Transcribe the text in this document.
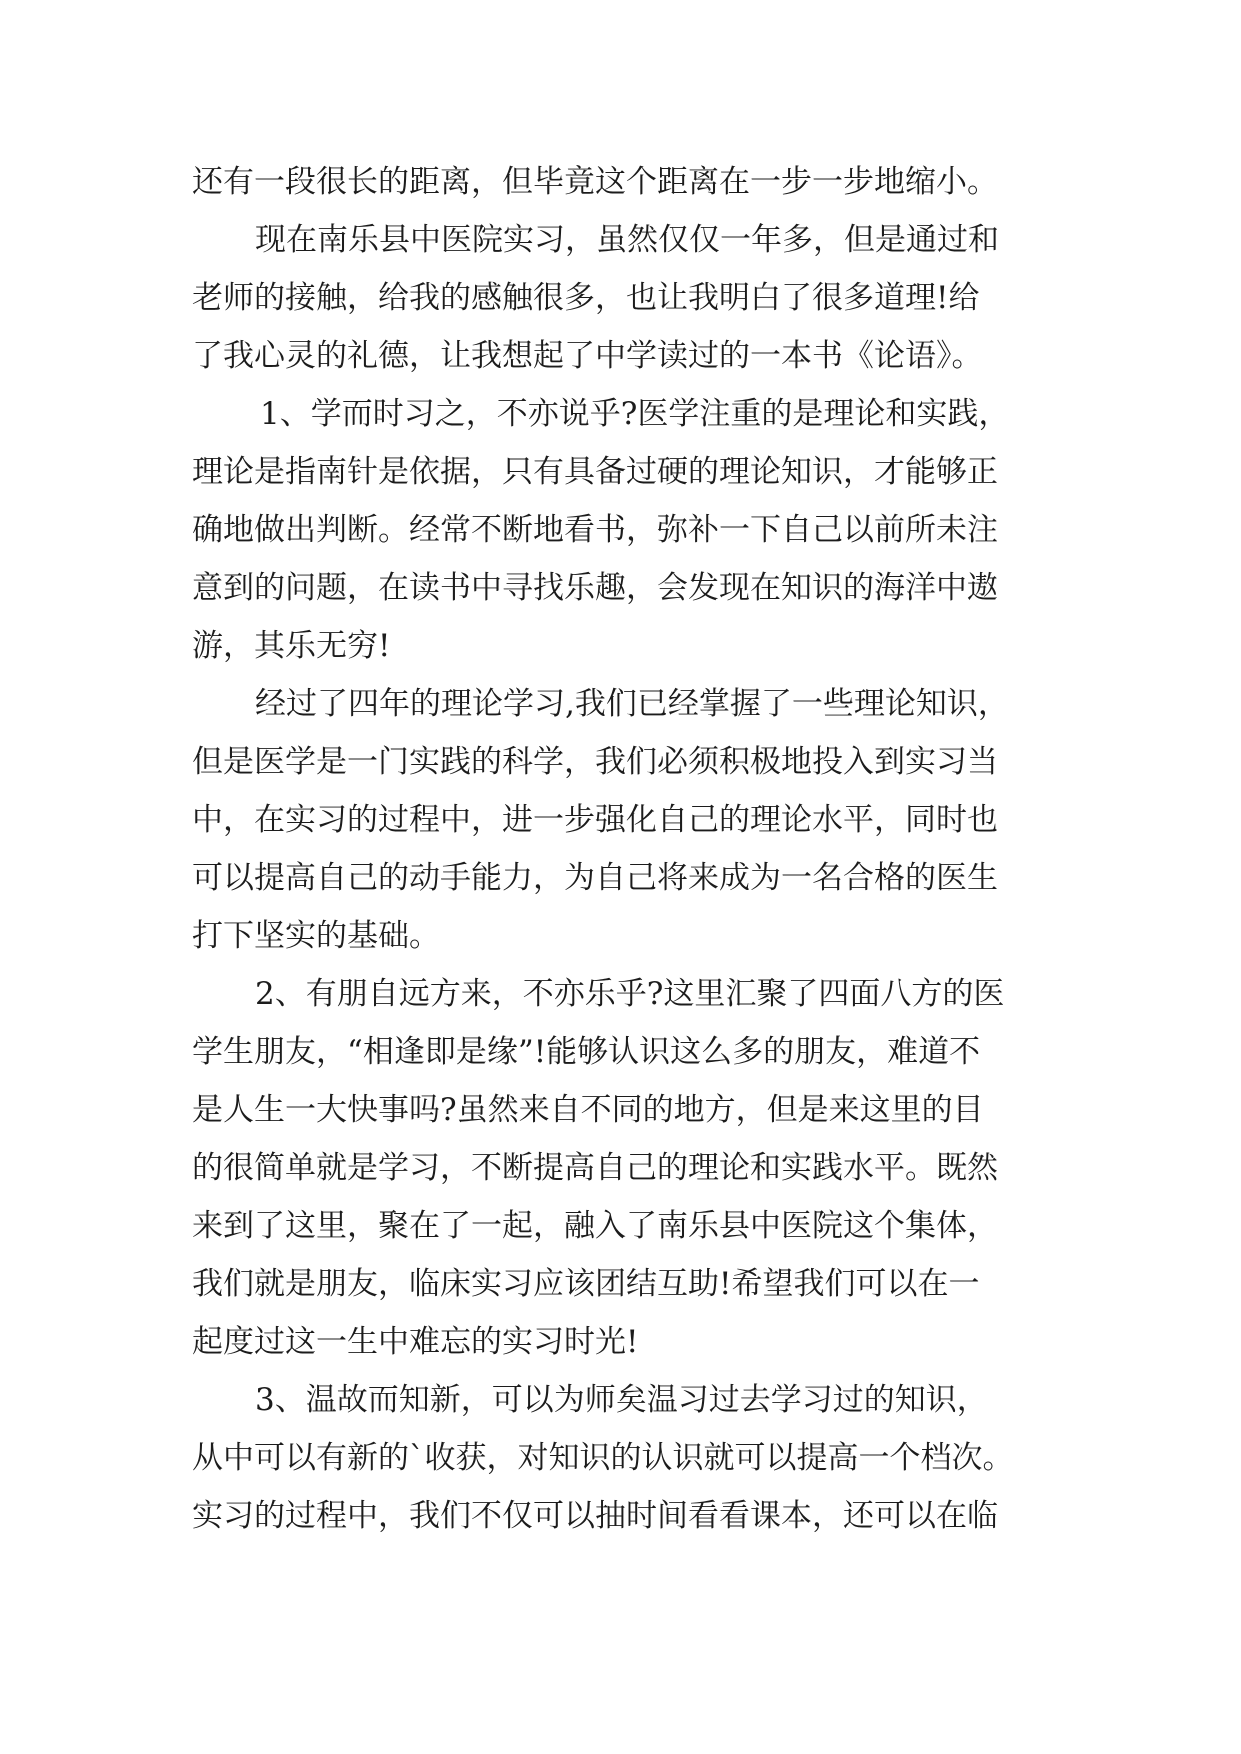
还有一段很长的距离，但毕竟这个距离在一步一步地缩小。
现在南乐县中医院实习，虽然仅仅一年多，但是通过和
老师的接触，给我的感触很多，也让我明白了很多道理!给
了我心灵的礼德，让我想起了中学读过的一本书《论语》。
1、学而时习之，不亦说乎?医学注重的是理论和实践，
理论是指南针是依据，只有具备过硬的理论知识，才能够正
确地做出判断。经常不断地看书，弥补一下自己以前所未注
意到的问题，在读书中寻找乐趣，会发现在知识的海洋中遨
游，其乐无穷!
经过了四年的理论学习,我们已经掌握了一些理论知识，
但是医学是一门实践的科学，我们必须积极地投入到实习当
中，在实习的过程中，进一步强化自己的理论水平，同时也
可以提高自己的动手能力，为自己将来成为一名合格的医生
打下坚实的基础。
2、有朋自远方来，不亦乐乎?这里汇聚了四面八方的医
学生朋友，“相逢即是缘”!能够认识这么多的朋友，难道不
是人生一大快事吗?虽然来自不同的地方，但是来这里的目
的很简单就是学习，不断提高自己的理论和实践水平。既然
来到了这里，聚在了一起，融入了南乐县中医院这个集体，
我们就是朋友，临床实习应该团结互助!希望我们可以在一
起度过这一生中难忘的实习时光!
3、温故而知新，可以为师矣温习过去学习过的知识，
从中可以有新的`收获，对知识的认识就可以提高一个档次。
实习的过程中，我们不仅可以抽时间看看课本，还可以在临
